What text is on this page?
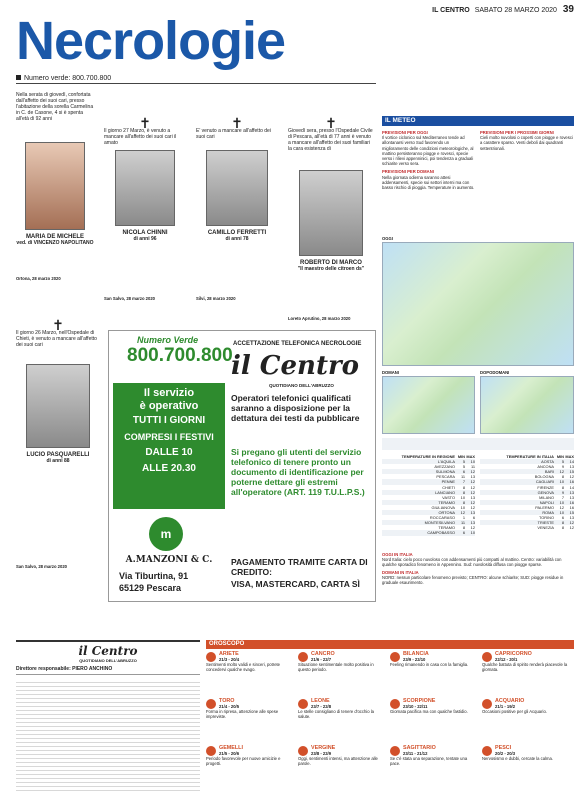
IL CENTRO SABATO 28 MARZO 2020 39
Necrologie
Numero verde: 800.700.800
Nella serata di giovedì, confortata dall'affetto dei suoi cari, presso l'abitazione della sorella Carmelina in C. de Casone, 4 si è spenta all'età di 92 anni
MARIA DE MICHELE
ved. di VINCENZO NAPOLITANO
Ortona, 28 marzo 2020
✝
Il giorno 27 Marzo, è venuto a mancare all'affetto dei suoi cari il amato
NICOLA CHINNI
di anni 96
San Salvo, 28 marzo 2020
✝
E' venuto a mancare all'affetto dei suoi cari
CAMILLO FERRETTI
di anni 78
Silvi, 28 marzo 2020
✝
Giovedì sera, presso l'Ospedale Civile di Pescara, all'età di 77 anni è venuto a mancare all'affetto dei suoi familiari la cara esistenza di
ROBERTO DI MARCO
"Il maestro delle citroen ds"
Loreto Aprutino, 28 marzo 2020
✝
Il giorno 26 Marzo, nell'Ospedale di Chieti, è venuto a mancare all'affetto dei suoi cari
LUCIO PASQUARELLI
di anni 88
San Salvo, 28 marzo 2020
Numero Verde
800.700.800
ACCETTAZIONE TELEFONICA NECROLOGIE
il Centro
QUOTIDIANO DELL'ABRUZZO
Il servizio
è operativo
TUTTI I GIORNI
COMPRESI I FESTIVI
DALLE 10
ALLE 20.30
m
A.MANZONI & C.
Via Tiburtina, 91
65129 Pescara
Operatori telefonici qualificati saranno a disposizione per la dettatura dei testi da pubblicare
Si pregano gli utenti del servizio telefonico di tenere pronto un documento di identificazione per poterne dettare gli estremi all'operatore (ART. 119 T.U.L.P.S.)
PAGAMENTO TRAMITE CARTA DI CREDITO:
VISA, MASTERCARD, CARTA SÌ
IL METEO
PREVISIONI PER OGGI
Il vortice ciclonico sul Mediterraneo tende ad allontanarsi verso Sud favorendo un miglioramento delle condizioni meteorologiche, al mattino persisteranno piogge e rovesci, specie verso i rilievi appenninici, poi tendenza a graduali schiarite verso sera.
PREVISIONI PER DOMANI
Nella giornata odierna saranno attesi addensamenti, specie sui settori interni ma con basso rischio di pioggia. Temperature in aumento.
PREVISIONI PER I PROSSIMI GIORNI
Cieli molto nuvolosi o coperti con piogge e rovesci a carattere sparso. Venti deboli dai quadranti settentrionali.
OGGI
DOMANI	DOPODOMANI
TEMPERATURE IN REGIONE MIN MAX
L'AQUILA	5	10
AVEZZANO	5	11
SULMONA	6	12
PESCARA	11	13
PENNE	7	12
CHIETI	8	12
LANCIANO	8	12
VASTO	10	13
TERAMO	8	12
GIULIANOVA	10	12
ORTONA	12	13
ROCCARASO	1	6
MONTESILVANO	11	13
TERAMO	8	12
CAMPOBASSO	6	10
TEMPERATURE IN ITALIA MIN MAX
AOSTA	5	14
ANCONA	9	13
BARI	12	15
BOLOGNA	8	12
CAGLIARI	10	16
FIRENZE	8	14
GENOVA	9	13
MILANO	7	13
NAPOLI	10	16
PALERMO	12	16
ROMA	10	15
TORINO	6	13
TRIESTE	8	12
VENEZIA	8	12
OGGI IN ITALIA
Nord Italia: cielo poco nuvoloso con addensamenti più compatti al mattino. Centro: variabilità con qualche sporadico fenomeno in Appennino. Sud: nuvolosità diffusa con piogge sparse.
DOMANI IN ITALIA
NORD: nessun particolare fenomeno previsto; CENTRO: alcune schiarite; SUD: piogge residue in graduale esaurimento.
il Centro
QUOTIDIANO DELL'ABRUZZO
Direttore responsabile: PIERO ANCHINO
OROSCOPO
ARIETE
21/3 - 20/4
Sentimenti molto validi e sinceri, potrete concedervi qualche svago.
TORO
21/4 - 20/5
Forma in ripresa, attenzione alle spese impreviste.
GEMELLI
21/5 - 20/6
Periodo favorevole per nuove amicizie e progetti.
CANCRO
21/6 - 22/7
Situazione sentimentale molto positiva in questo periodo.
LEONE
23/7 - 22/8
Le stelle consigliano di tenere d'occhio la salute.
VERGINE
23/8 - 22/9
Oggi, sentimenti intensi, ma attenzione alle parole.
BILANCIA
23/9 - 22/10
Feeling rimanendo in casa con la famiglia.
SCORPIONE
23/10 - 22/11
Giornata pacifica ma con qualche fastidio.
SAGITTARIO
23/11 - 21/12
Se c'è stata una separazione, tentate una pace.
CAPRICORNO
22/12 - 20/1
Qualche battuta di spirito renderà piacevole la giornata.
ACQUARIO
21/1 - 19/2
Occasioni positive per gli Acquario.
PESCI
20/2 - 20/3
Nervosismo e dubbi, cercate la calma.
